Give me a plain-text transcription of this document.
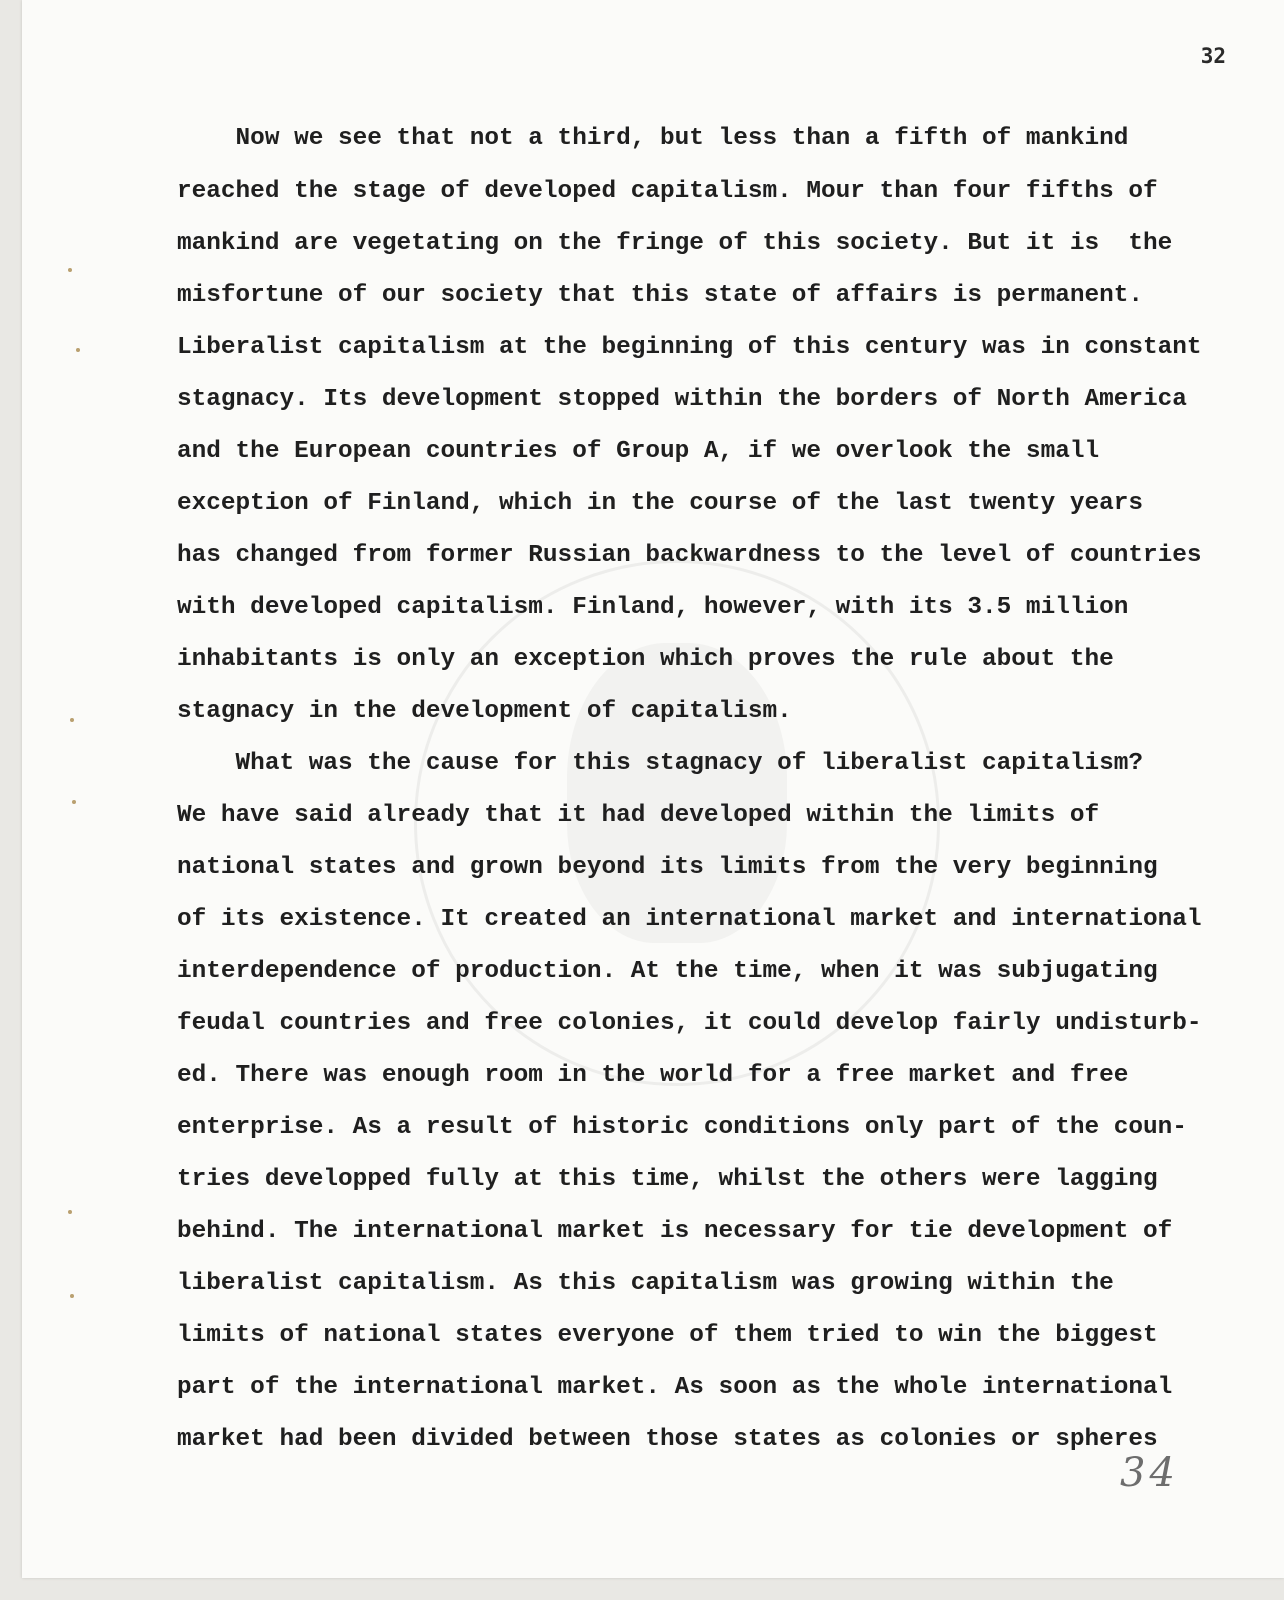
32
Now we see that not a third, but less than a fifth of mankind
reached the stage of developed capitalism. Mour than four fifths of
mankind are vegetating on the fringe of this society. But it is  the
misfortune of our society that this state of affairs is permanent.
Liberalist capitalism at the beginning of this century was in constant
stagnacy. Its development stopped within the borders of North America
and the European countries of Group A, if we overlook the small
exception of Finland, which in the course of the last twenty years
has changed from former Russian backwardness to the level of countries
with developed capitalism. Finland, however, with its 3.5 million
inhabitants is only an exception which proves the rule about the
stagnacy in the development of capitalism.
What was the cause for this stagnacy of liberalist capitalism?
We have said already that it had developed within the limits of
national states and grown beyond its limits from the very beginning
of its existence. It created an international market and international
interdependence of production. At the time, when it was subjugating
feudal countries and free colonies, it could develop fairly undisturb-
ed. There was enough room in the world for a free market and free
enterprise. As a result of historic conditions only part of the coun-
tries developped fully at this time, whilst the others were lagging
behind. The international market is necessary for tie development of
liberalist capitalism. As this capitalism was growing within the
limits of national states everyone of them tried to win the biggest
part of the international market. As soon as the whole international
market had been divided between those states as colonies or spheres
34
